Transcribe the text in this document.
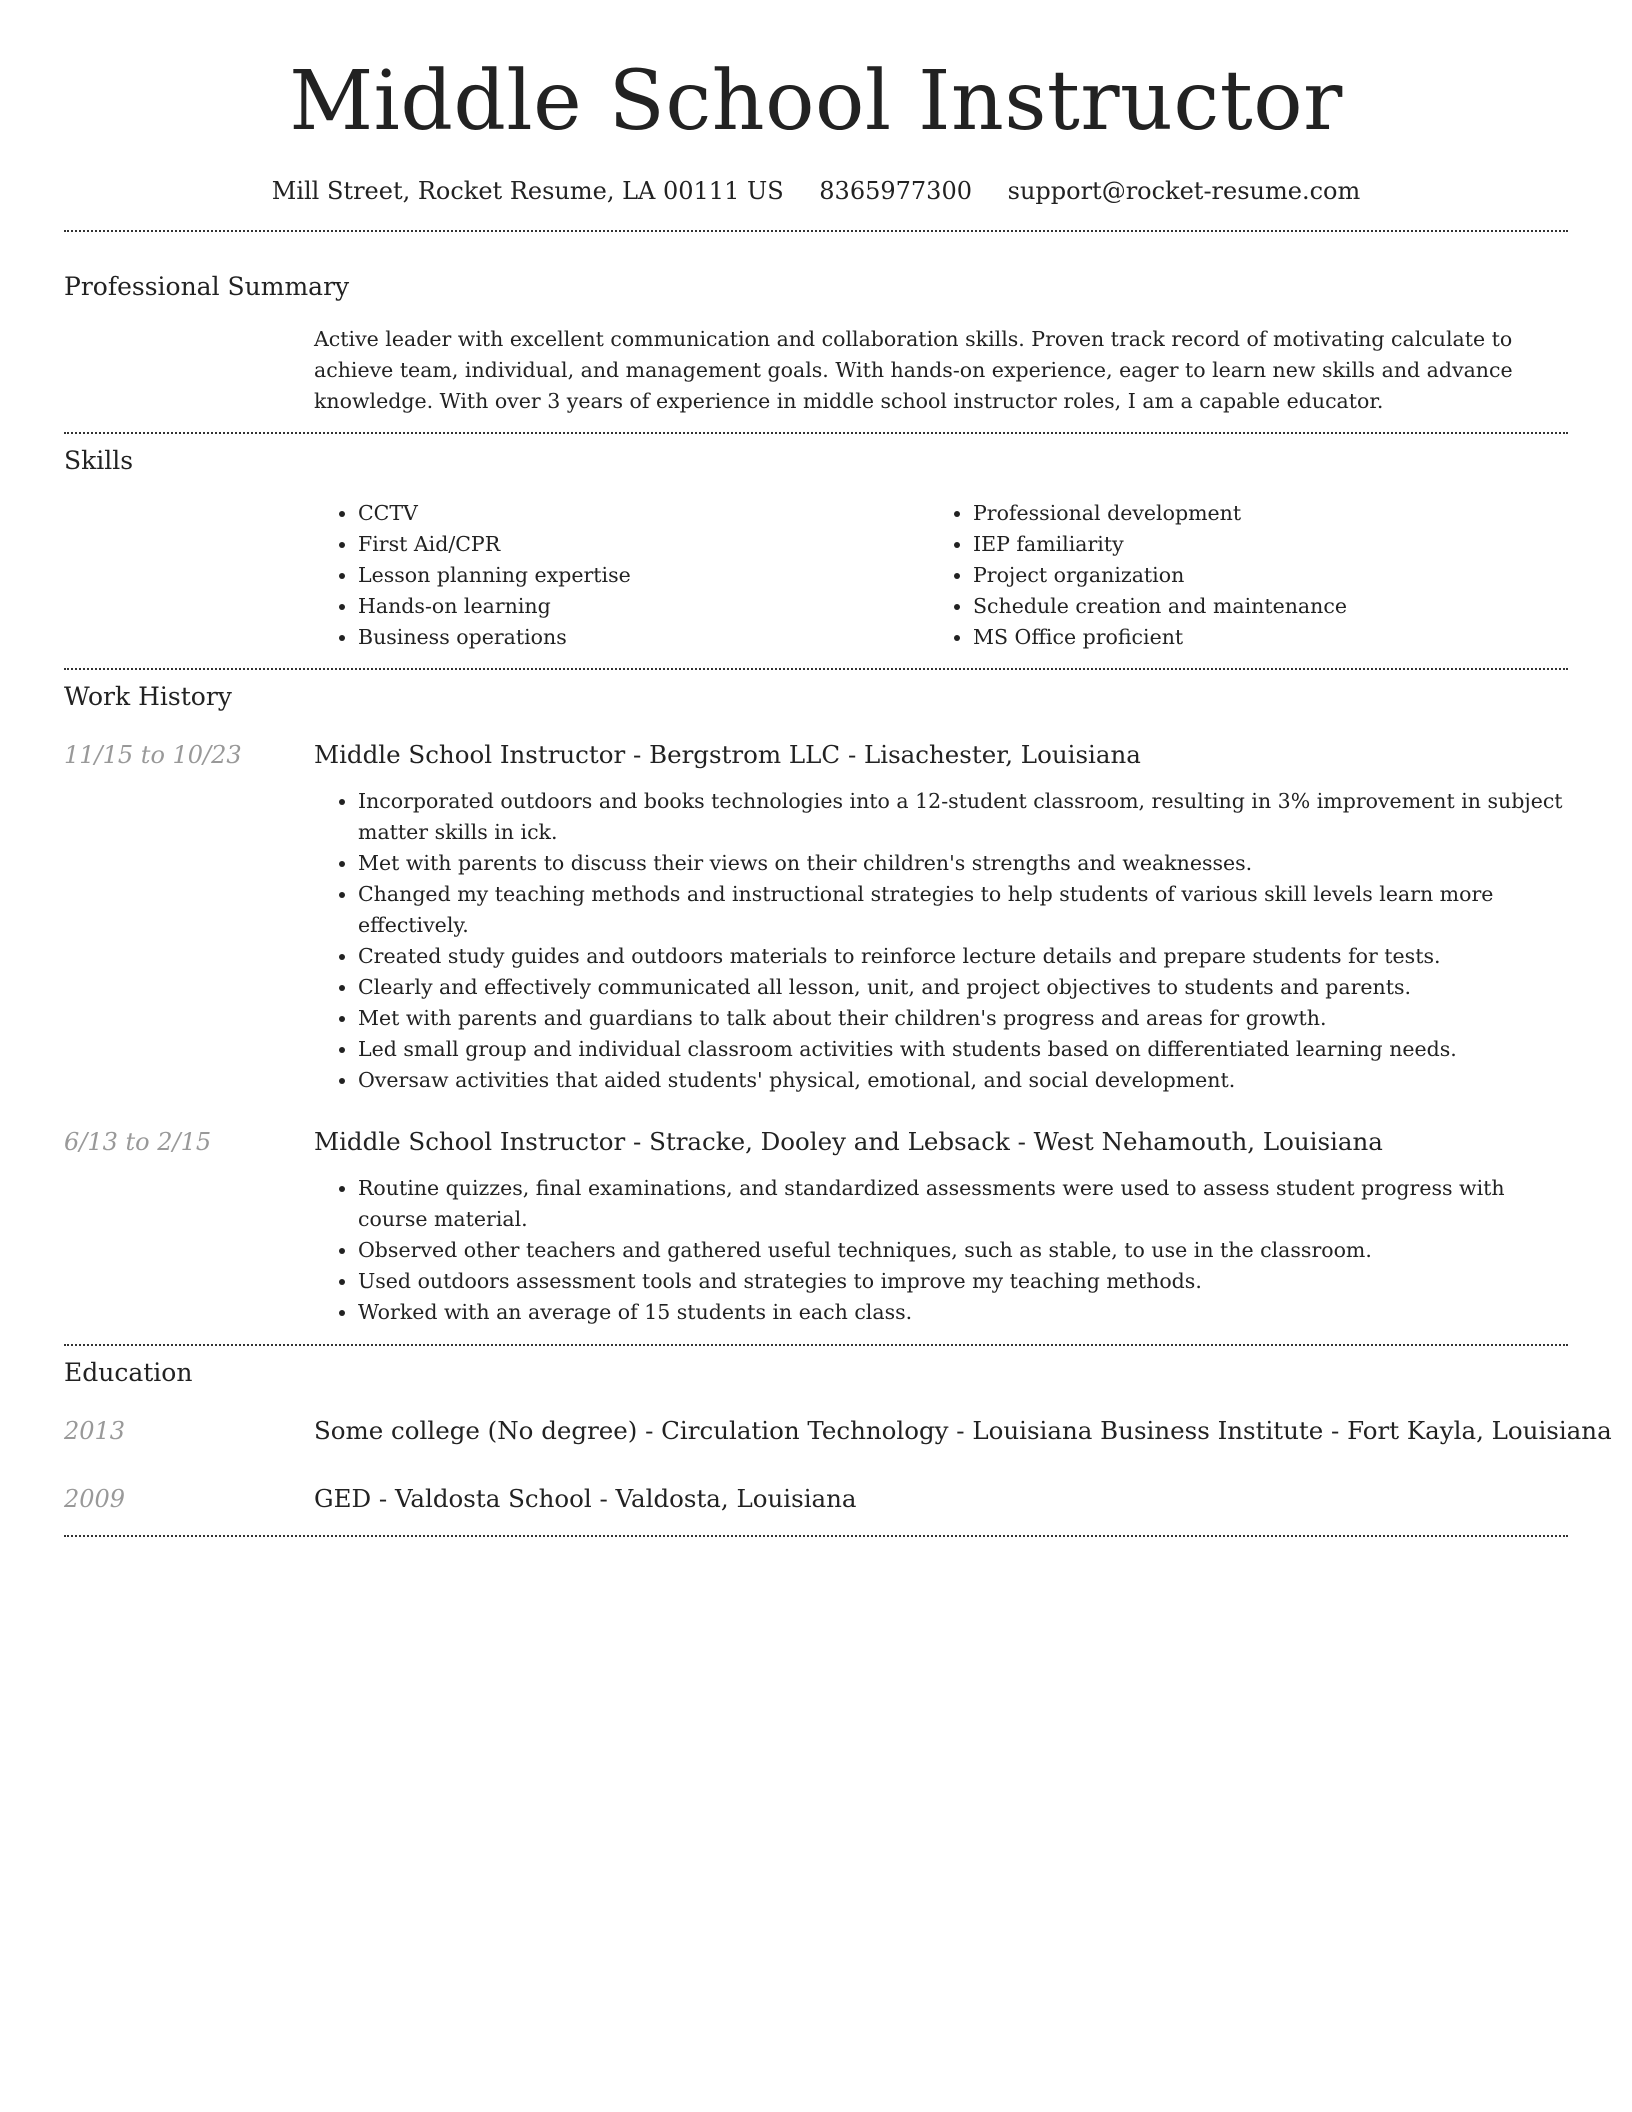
Middle School Instructor
Mill Street, Rocket Resume, LA 00111 US 8365977300 support@rocket-resume.com
Professional Summary
Active leader with excellent communication and collaboration skills. Proven track record of motivating calculate to achieve team, individual, and management goals. With hands-on experience, eager to learn new skills and advance knowledge. With over 3 years of experience in middle school instructor roles, I am a capable educator.
Skills
• CCTV
• First Aid/CPR
• Lesson planning expertise
• Hands-on learning
• Business operations
• Professional development
• IEP familiarity
• Project organization
• Schedule creation and maintenance
• MS Office proficient
Work History
11/15 to 10/23	Middle School Instructor - Bergstrom LLC - Lisachester, Louisiana
• Incorporated outdoors and books technologies into a 12-student classroom, resulting in 3% improvement in subject matter skills in ick.
• Met with parents to discuss their views on their children's strengths and weaknesses.
• Changed my teaching methods and instructional strategies to help students of various skill levels learn more effectively.
• Created study guides and outdoors materials to reinforce lecture details and prepare students for tests.
• Clearly and effectively communicated all lesson, unit, and project objectives to students and parents.
• Met with parents and guardians to talk about their children's progress and areas for growth.
• Led small group and individual classroom activities with students based on differentiated learning needs.
• Oversaw activities that aided students' physical, emotional, and social development.
6/13 to 2/15	Middle School Instructor - Stracke, Dooley and Lebsack - West Nehamouth, Louisiana
• Routine quizzes, final examinations, and standardized assessments were used to assess student progress with course material.
• Observed other teachers and gathered useful techniques, such as stable, to use in the classroom.
• Used outdoors assessment tools and strategies to improve my teaching methods.
• Worked with an average of 15 students in each class.
Education
2013	Some college (No degree) - Circulation Technology - Louisiana Business Institute - Fort Kayla, Louisiana
2009	GED - Valdosta School - Valdosta, Louisiana
